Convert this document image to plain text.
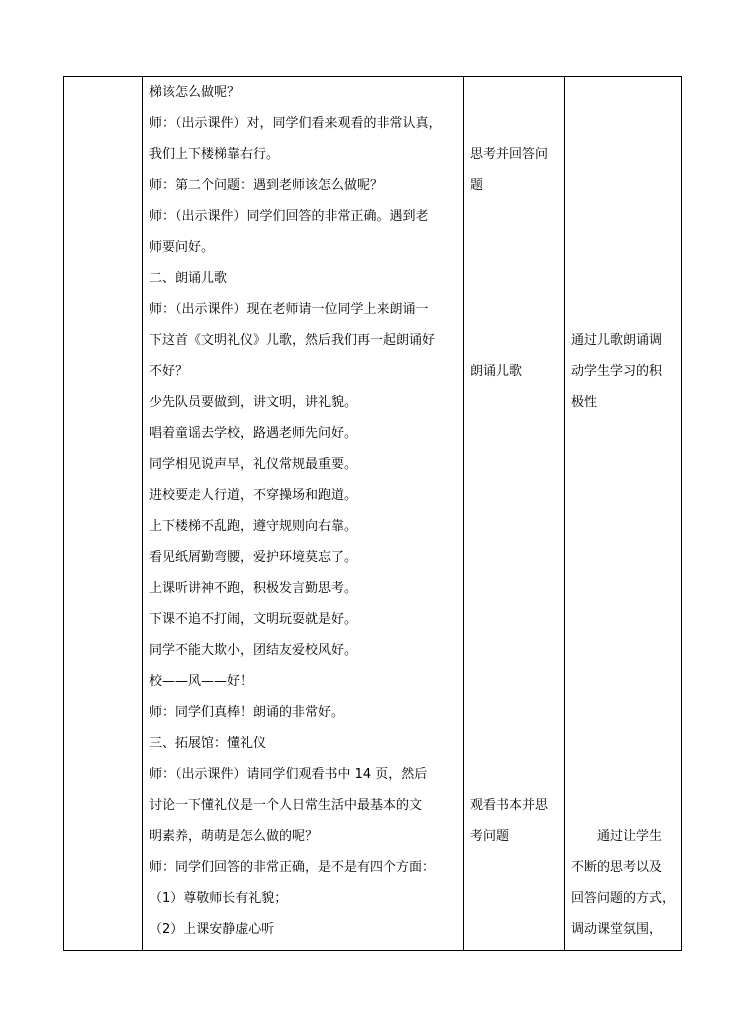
梯该怎么做呢？
师：（出示课件）对，同学们看来观看的非常认真，
我们上下楼梯靠右行。
师：第二个问题：遇到老师该怎么做呢？
师：（出示课件）同学们回答的非常正确。遇到老
师要问好。
二、朗诵儿歌
师：（出示课件）现在老师请一位同学上来朗诵一
下这首《文明礼仪》儿歌，然后我们再一起朗诵好
不好？
少先队员要做到，讲文明，讲礼貌。
唱着童谣去学校，路遇老师先问好。
同学相见说声早，礼仪常规最重要。
进校要走人行道，不穿操场和跑道。
上下楼梯不乱跑，遵守规则向右靠。
看见纸屑勤弯腰，爱护环境莫忘了。
上课听讲神不跑，积极发言勤思考。
下课不追不打闹，文明玩耍就是好。
同学不能大欺小，团结友爱校风好。
校——风——好！
师：同学们真棒！朗诵的非常好。
三、拓展馆：懂礼仪
师：（出示课件）请同学们观看书中 14 页，然后
讨论一下懂礼仪是一个人日常生活中最基本的文
明素养，萌萌是怎么做的呢？
师：同学们回答的非常正确，是不是有四个方面：
（1）尊敬师长有礼貌；
（2）上课安静虚心听
思考并回答问
题
朗诵儿歌
观看书本并思
考问题
通过儿歌朗诵调
动学生学习的积
极性
通过让学生
不断的思考以及
回答问题的方式，
调动课堂氛围，
